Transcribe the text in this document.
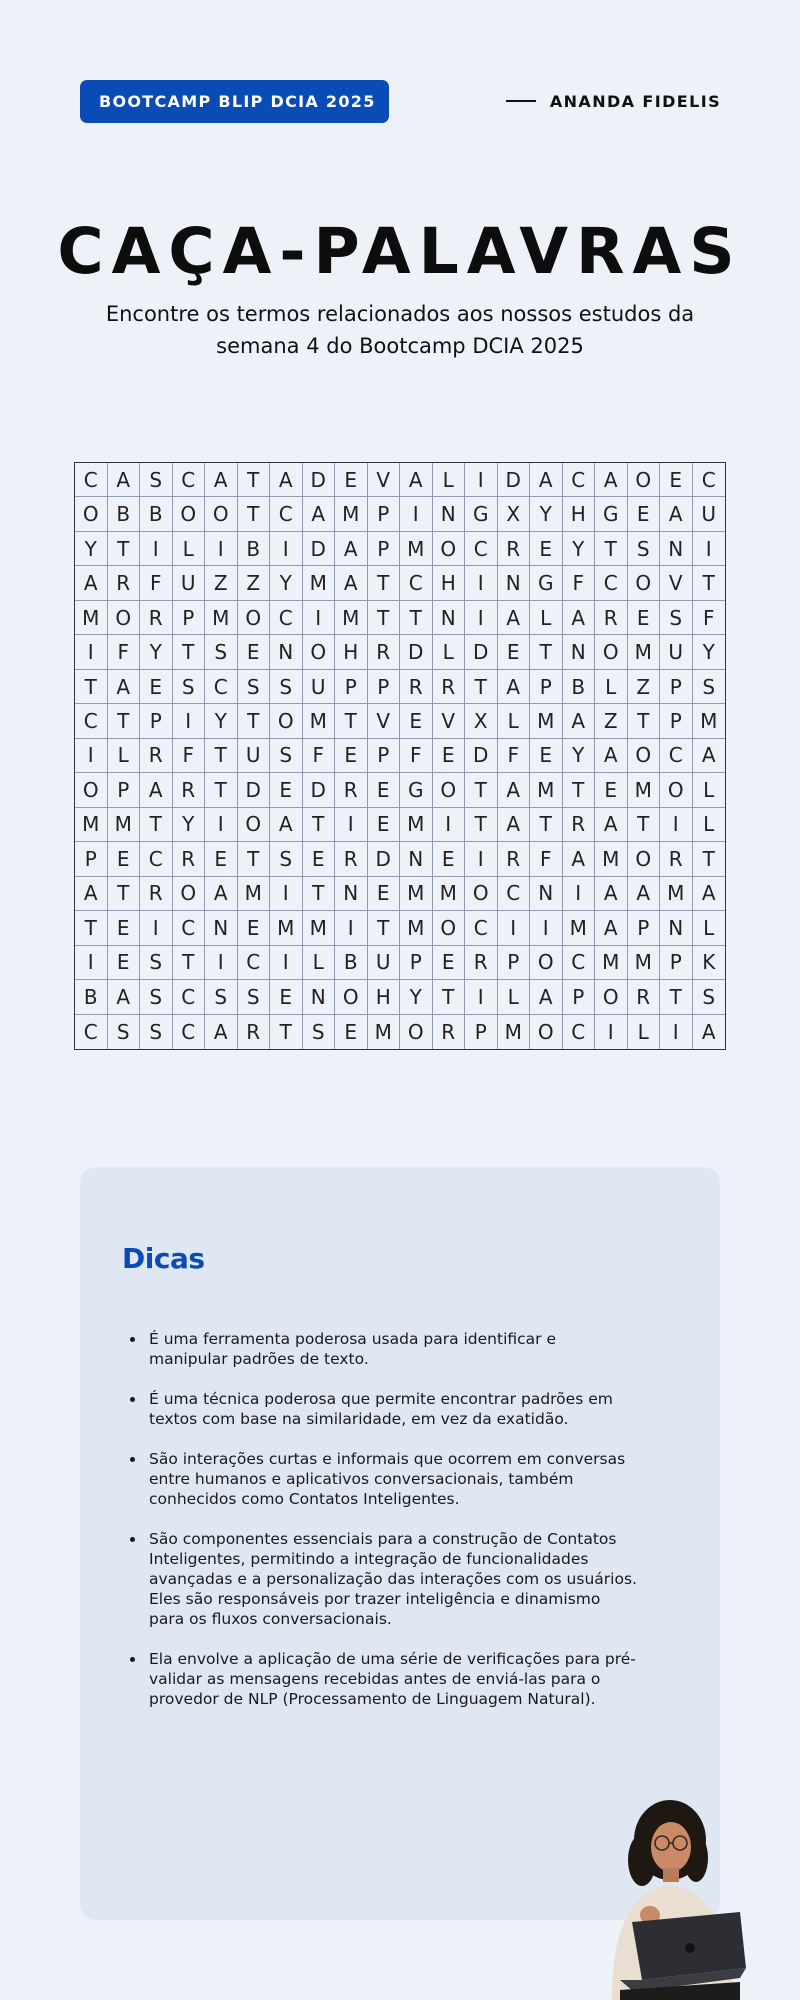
BOOTCAMP BLIP DCIA 2025	ANANDA FIDELIS
CAÇA-PALAVRAS
Encontre os termos relacionados aos nossos estudos da semana 4 do Bootcamp DCIA 2025
C A S C A T A D E V A	L	I	D A C A O E C
O B B O O T C A M P	I	N G X Y H G E A U
Y	T	I	L	I	B	I	D A P M O C R E	Y	T	S N	I
A R F U Z Z Y M A T C H	I	N G F C O V	T
M O R P M O C	I	M T	T N	I	A	L	A R E S	F
I	F	Y	T	S E N O H R D L D E	T N O M U Y
T A E S C S S U P	P R R T A P B	L	Z P	S
C T	P	I	Y	T O M T V E V X	L M A Z T	P M
I	L R F	T U S	F	E	P	F	E D F	E	Y A O C A
O P A R T D E D R E G O T A M T	E M O L
M M T	Y	I	O A T	I	E M	I	T A T R A T	I	L
P	E C R E	T	S E R D N E	I	R F A M O R T
A T R O A M	I	T N E M M O C N	I	A A M A
T	E	I	C N E M M	I	T M O C	I	I	M A P N L
I	E S	T	I	C	I	L	B U P	E R P O C M M P	K
B A S C S S E N O H Y	T	I	L	A P O R T	S
C S S C A R T	S E M O R P M O C	I	L	I	A
Dicas
É uma ferramenta poderosa usada para identificar e manipular padrões de texto.
É uma técnica poderosa que permite encontrar padrões em textos com base na similaridade, em vez da exatidão.
São interações curtas e informais que ocorrem em conversas entre humanos e aplicativos conversacionais, também conhecidos como Contatos Inteligentes.
São componentes essenciais para a construção de Contatos Inteligentes, permitindo a integração de funcionalidades avançadas e a personalização das interações com os usuários. Eles são responsáveis por trazer inteligência e dinamismo para os fluxos conversacionais.
Ela envolve a aplicação de uma série de verificações para pré-validar as mensagens recebidas antes de enviá-las para o provedor de NLP (Processamento de Linguagem Natural).
